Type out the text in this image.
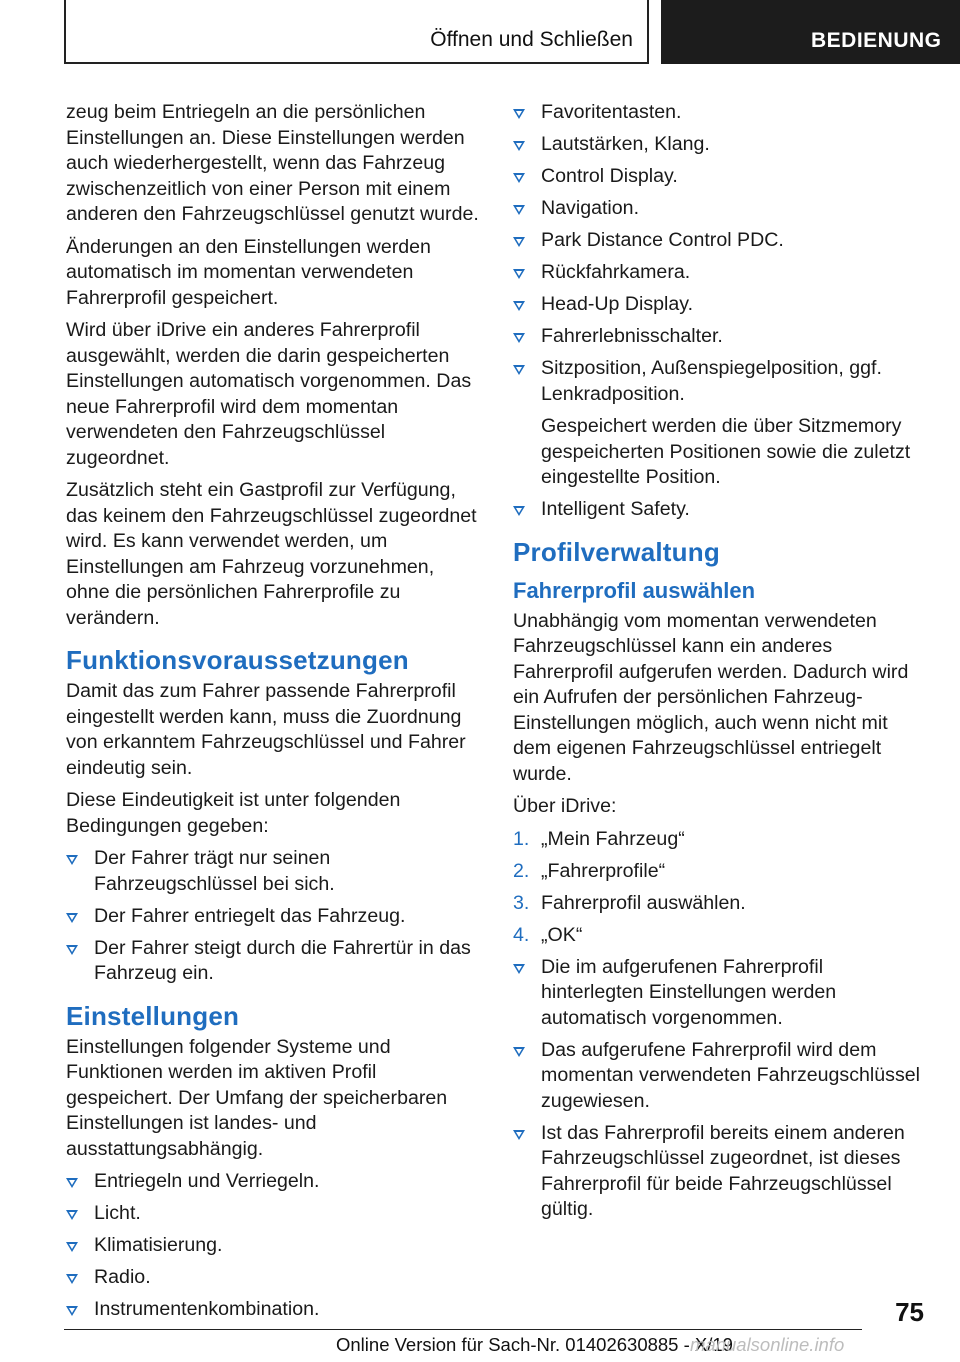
Öffnen und Schließen	BEDIENUNG

zeug beim Entriegeln an die persönlichen Einstellungen an. Diese Einstellungen werden auch wiederhergestellt, wenn das Fahrzeug zwischenzeitlich von einer Person mit einem anderen den Fahrzeugschlüssel genutzt wurde.

Änderungen an den Einstellungen werden automatisch im momentan verwendeten Fahrerprofil gespeichert.

Wird über iDrive ein anderes Fahrerprofil ausgewählt, werden die darin gespeicherten Einstellungen automatisch vorgenommen. Das neue Fahrerprofil wird dem momentan verwendeten den Fahrzeugschlüssel zugeordnet.

Zusätzlich steht ein Gastprofil zur Verfügung, das keinem den Fahrzeugschlüssel zugeordnet wird. Es kann verwendet werden, um Einstellungen am Fahrzeug vorzunehmen, ohne die persönlichen Fahrerprofile zu verändern.

Funktionsvoraussetzungen

Damit das zum Fahrer passende Fahrerprofil eingestellt werden kann, muss die Zuordnung von erkanntem Fahrzeugschlüssel und Fahrer eindeutig sein.

Diese Eindeutigkeit ist unter folgenden Bedingungen gegeben:

Der Fahrer trägt nur seinen Fahrzeugschlüssel bei sich.
Der Fahrer entriegelt das Fahrzeug.
Der Fahrer steigt durch die Fahrertür in das Fahrzeug ein.
Einstellungen

Einstellungen folgender Systeme und Funktionen werden im aktiven Profil gespeichert. Der Umfang der speicherbaren Einstellungen ist landes- und ausstattungsabhängig.

Entriegeln und Verriegeln.
Licht.
Klimatisierung.
Radio.
Instrumentenkombination.
Favoritentasten.
Lautstärken, Klang.
Control Display.
Navigation.
Park Distance Control PDC.
Rückfahrkamera.
Head-Up Display.
Fahrerlebnisschalter.
Sitzposition, Außenspiegelposition, ggf. Lenkradposition.
Gespeichert werden die über Sitzmemory gespeicherten Positionen sowie die zuletzt eingestellte Position.
Intelligent Safety.
Profilverwaltung
Fahrerprofil auswählen

Unabhängig vom momentan verwendeten Fahrzeugschlüssel kann ein anderes Fahrerprofil aufgerufen werden. Dadurch wird ein Aufrufen der persönlichen Fahrzeug-Einstellungen möglich, auch wenn nicht mit dem eigenen Fahrzeugschlüssel entriegelt wurde.

Über iDrive:

1. „Mein Fahrzeug“
2. „Fahrerprofile“
3. Fahrerprofil auswählen.
4. „OK“
Die im aufgerufenen Fahrerprofil hinterlegten Einstellungen werden automatisch vorgenommen.
Das aufgerufene Fahrerprofil wird dem momentan verwendeten Fahrzeugschlüssel zugewiesen.
Ist das Fahrerprofil bereits einem anderen Fahrzeugschlüssel zugeordnet, ist dieses Fahrerprofil für beide Fahrzeugschlüssel gültig.
75
Online Version für Sach-Nr. 01402630885 - X/19
manualsonline.info
